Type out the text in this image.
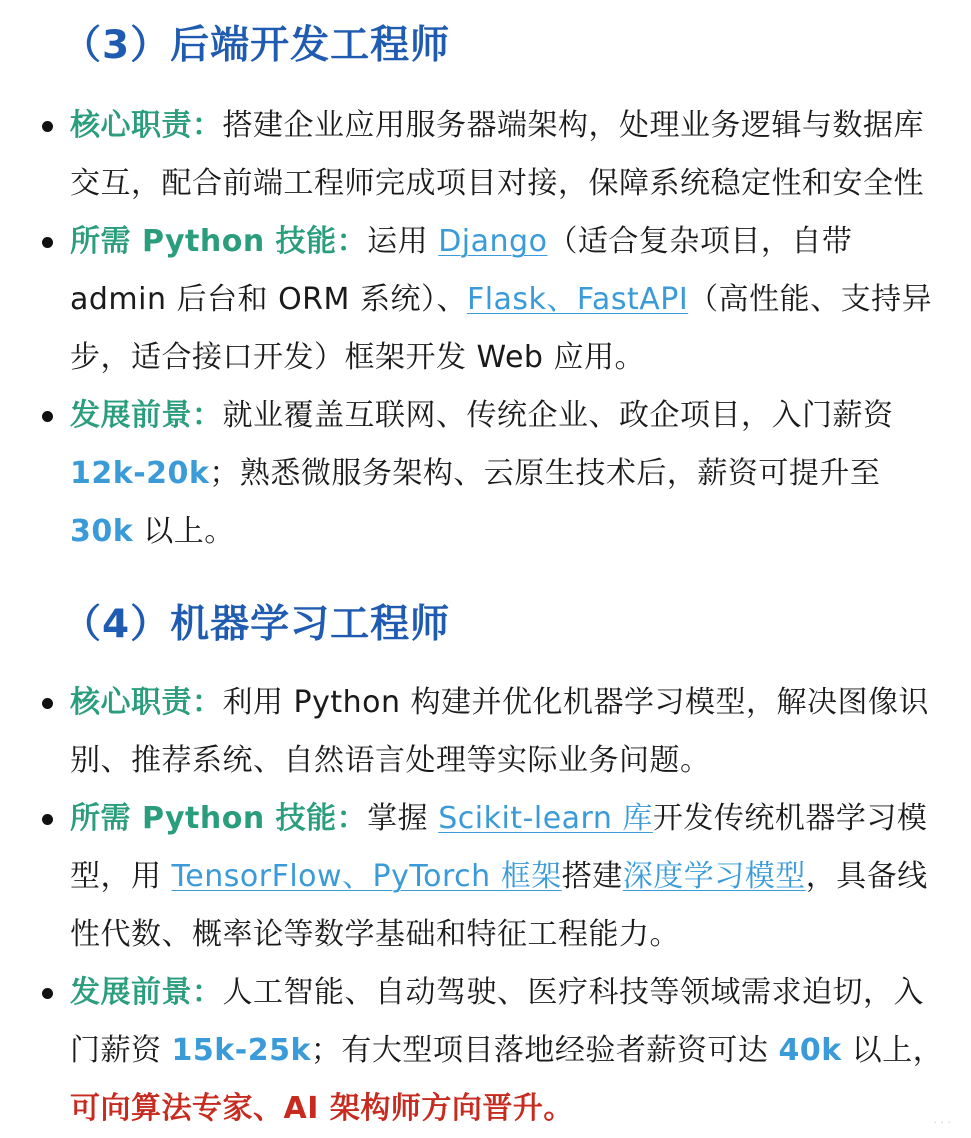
（3）后端开发工程师
核心职责：搭建企业应用服务器端架构，处理业务逻辑与数据库交互，配合前端工程师完成项目对接，保障系统稳定性和安全性
所需 Python 技能：运用 Django（适合复杂项目，自带 admin 后台和 ORM 系统）、Flask、FastAPI（高性能、支持异步，适合接口开发）框架开发 Web 应用。
发展前景：就业覆盖互联网、传统企业、政企项目，入门薪资 12k-20k；熟悉微服务架构、云原生技术后，薪资可提升至 30k 以上。
（4）机器学习工程师
核心职责：利用 Python 构建并优化机器学习模型，解决图像识别、推荐系统、自然语言处理等实际业务问题。
所需 Python 技能：掌握 Scikit-learn 库开发传统机器学习模型，用 TensorFlow、PyTorch 框架搭建深度学习模型，具备线性代数、概率论等数学基础和特征工程能力。
发展前景：人工智能、自动驾驶、医疗科技等领域需求迫切，入门薪资 15k-25k；有大型项目落地经验者薪资可达 40k 以上，可向算法专家、AI 架构师方向晋升。	· · ·
